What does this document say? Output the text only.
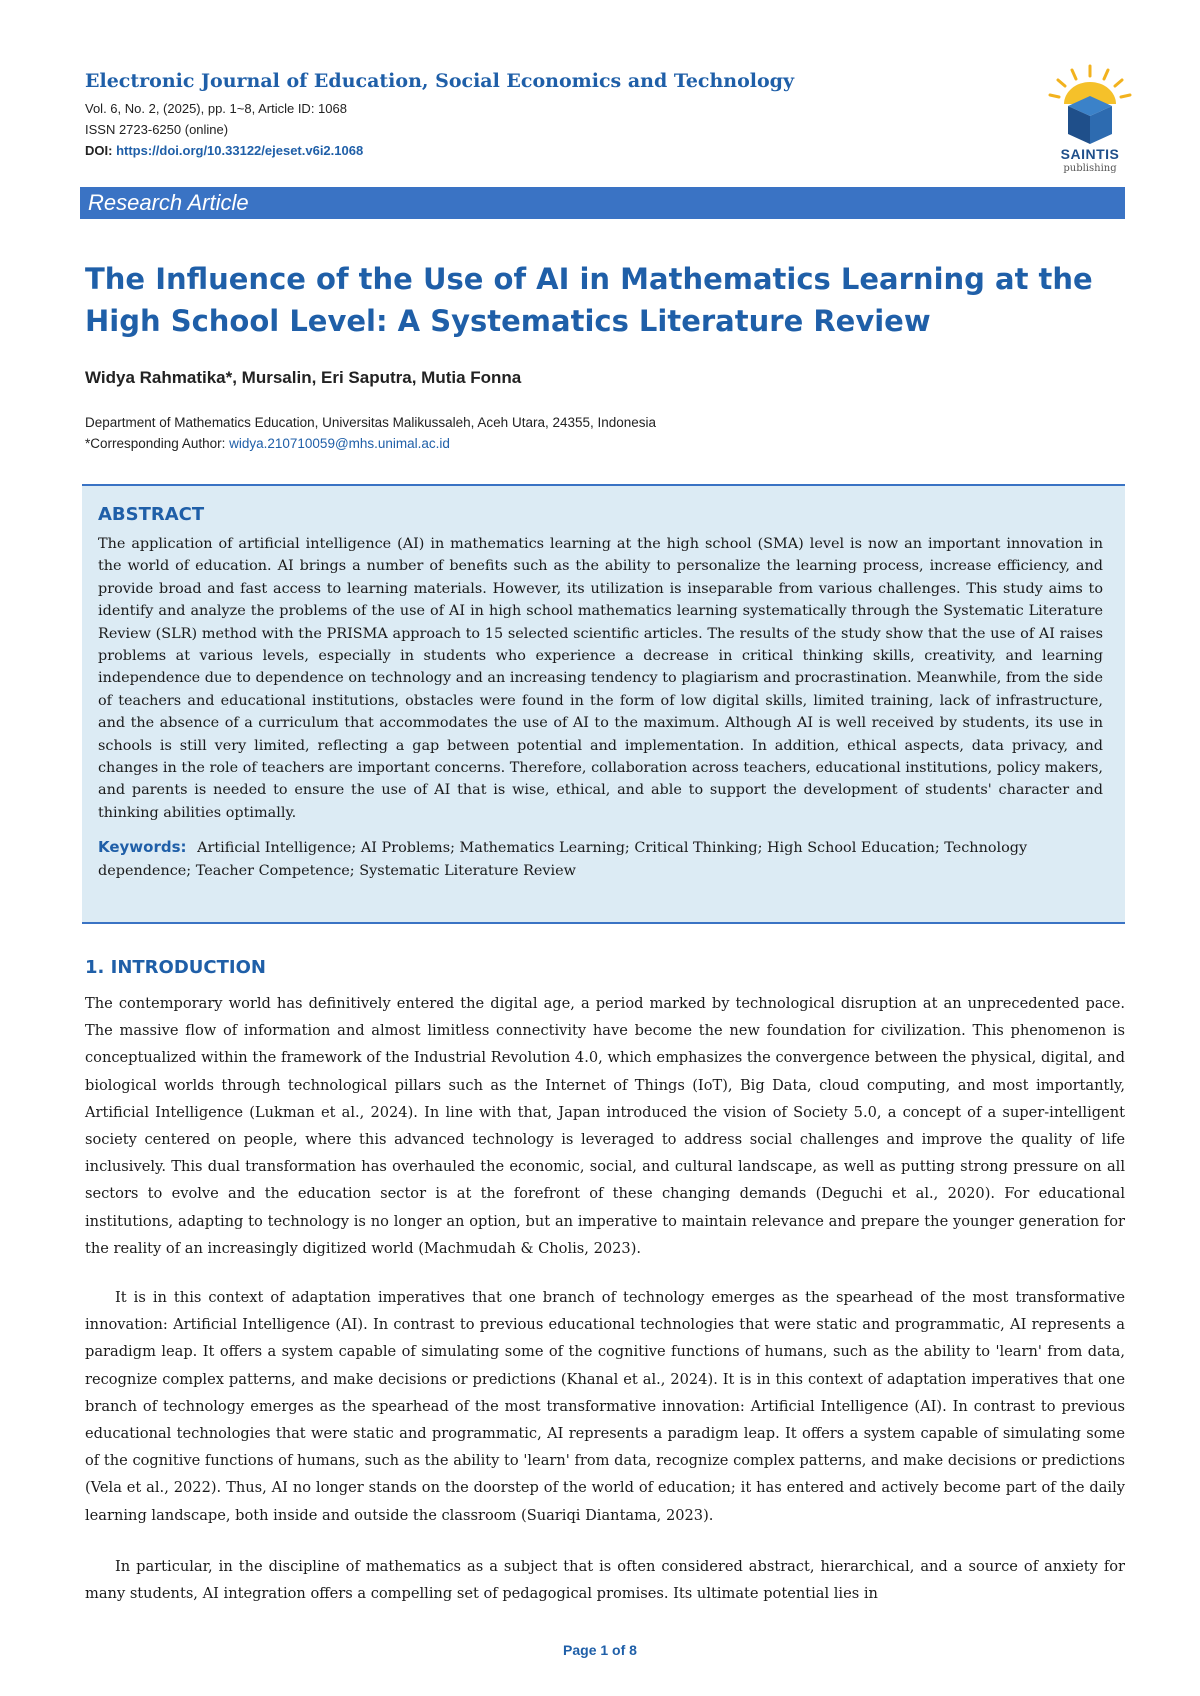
Electronic Journal of Education, Social Economics and Technology
Vol. 6, No. 2, (2025), pp. 1~8, Article ID: 1068
ISSN 2723-6250 (online)
DOI: https://doi.org/10.33122/ejeset.v6i2.1068	SAINTIS
publishing
Research Article
The Influence of the Use of AI in Mathematics Learning at the High School Level: A Systematics Literature Review
Widya Rahmatika*, Mursalin, Eri Saputra, Mutia Fonna
Department of Mathematics Education, Universitas Malikussaleh, Aceh Utara, 24355, Indonesia
*Corresponding Author: widya.210710059@mhs.unimal.ac.id
ABSTRACT

The application of artificial intelligence (AI) in mathematics learning at the high school (SMA) level is now an important innovation in the world of education. AI brings a number of benefits such as the ability to personalize the learning process, increase efficiency, and provide broad and fast access to learning materials. However, its utilization is inseparable from various challenges. This study aims to identify and analyze the problems of the use of AI in high school mathematics learning systematically through the Systematic Literature Review (SLR) method with the PRISMA approach to 15 selected scientific articles. The results of the study show that the use of AI raises problems at various levels, especially in students who experience a decrease in critical thinking skills, creativity, and learning independence due to dependence on technology and an increasing tendency to plagiarism and procrastination. Meanwhile, from the side of teachers and educational institutions, obstacles were found in the form of low digital skills, limited training, lack of infrastructure, and the absence of a curriculum that accommodates the use of AI to the maximum. Although AI is well received by students, its use in schools is still very limited, reflecting a gap between potential and implementation. In addition, ethical aspects, data privacy, and changes in the role of teachers are important concerns. Therefore, collaboration across teachers, educational institutions, policy makers, and parents is needed to ensure the use of AI that is wise, ethical, and able to support the development of students' character and thinking abilities optimally.

Keywords: Artificial Intelligence; AI Problems; Mathematics Learning; Critical Thinking; High School Education; Technology dependence; Teacher Competence; Systematic Literature Review
1. INTRODUCTION
The contemporary world has definitively entered the digital age, a period marked by technological disruption at an unprecedented pace. The massive flow of information and almost limitless connectivity have become the new foundation for civilization. This phenomenon is conceptualized within the framework of the Industrial Revolution 4.0, which emphasizes the convergence between the physical, digital, and biological worlds through technological pillars such as the Internet of Things (IoT), Big Data, cloud computing, and most importantly, Artificial Intelligence (Lukman et al., 2024). In line with that, Japan introduced the vision of Society 5.0, a concept of a super-intelligent society centered on people, where this advanced technology is leveraged to address social challenges and improve the quality of life inclusively. This dual transformation has overhauled the economic, social, and cultural landscape, as well as putting strong pressure on all sectors to evolve and the education sector is at the forefront of these changing demands (Deguchi et al., 2020). For educational institutions, adapting to technology is no longer an option, but an imperative to maintain relevance and prepare the younger generation for the reality of an increasingly digitized world (Machmudah & Cholis, 2023).
It is in this context of adaptation imperatives that one branch of technology emerges as the spearhead of the most transformative innovation: Artificial Intelligence (AI). In contrast to previous educational technologies that were static and programmatic, AI represents a paradigm leap. It offers a system capable of simulating some of the cognitive functions of humans, such as the ability to 'learn' from data, recognize complex patterns, and make decisions or predictions (Khanal et al., 2024). It is in this context of adaptation imperatives that one branch of technology emerges as the spearhead of the most transformative innovation: Artificial Intelligence (AI). In contrast to previous educational technologies that were static and programmatic, AI represents a paradigm leap. It offers a system capable of simulating some of the cognitive functions of humans, such as the ability to 'learn' from data, recognize complex patterns, and make decisions or predictions (Vela et al., 2022). Thus, AI no longer stands on the doorstep of the world of education; it has entered and actively become part of the daily learning landscape, both inside and outside the classroom (Suariqi Diantama, 2023).
In particular, in the discipline of mathematics as a subject that is often considered abstract, hierarchical, and a source of anxiety for many students, AI integration offers a compelling set of pedagogical promises. Its ultimate potential lies in
Page 1 of 8
